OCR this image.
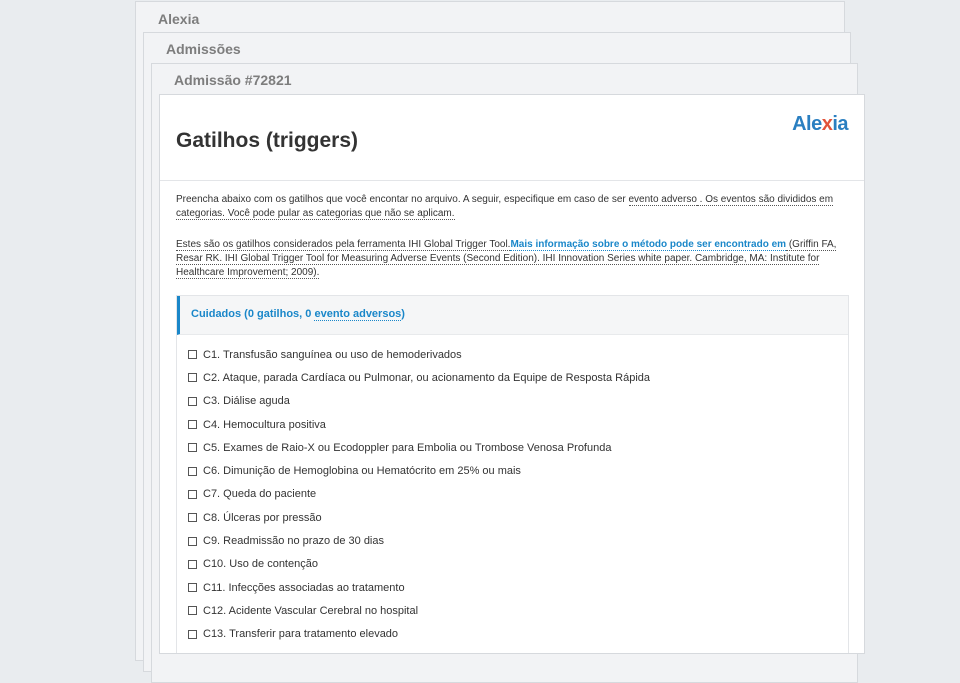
Alexia
Admissões
Admissão #72821
Gatilhos (triggers)
Alexia
Preencha abaixo com os gatilhos que você encontar no arquivo. A seguir, especifique em caso de ser evento adverso . Os eventos são divididos em categorias. Você pode pular as categorias que não se aplicam.
Estes são os gatilhos considerados pela ferramenta IHI Global Trigger Tool.Mais informação sobre o método pode ser encontrado em (Griffin FA, Resar RK. IHI Global Trigger Tool for Measuring Adverse Events (Second Edition). IHI Innovation Series white paper. Cambridge, MA: Institute for Healthcare Improvement; 2009).
Cuidados (0 gatilhos, 0 evento adversos)
C1. Transfusão sanguínea ou uso de hemoderivados
C2. Ataque, parada Cardíaca ou Pulmonar, ou acionamento da Equipe de Resposta Rápida
C3. Diálise aguda
C4. Hemocultura positiva
C5. Exames de Raio-X ou Ecodoppler para Embolia ou Trombose Venosa Profunda
C6. Dimunição de Hemoglobina ou Hematócrito em 25% ou mais
C7. Queda do paciente
C8. Úlceras por pressão
C9. Readmissão no prazo de 30 dias
C10. Uso de contenção
C11. Infecções associadas ao tratamento
C12. Acidente Vascular Cerebral no hospital
C13. Transferir para tratamento elevado
